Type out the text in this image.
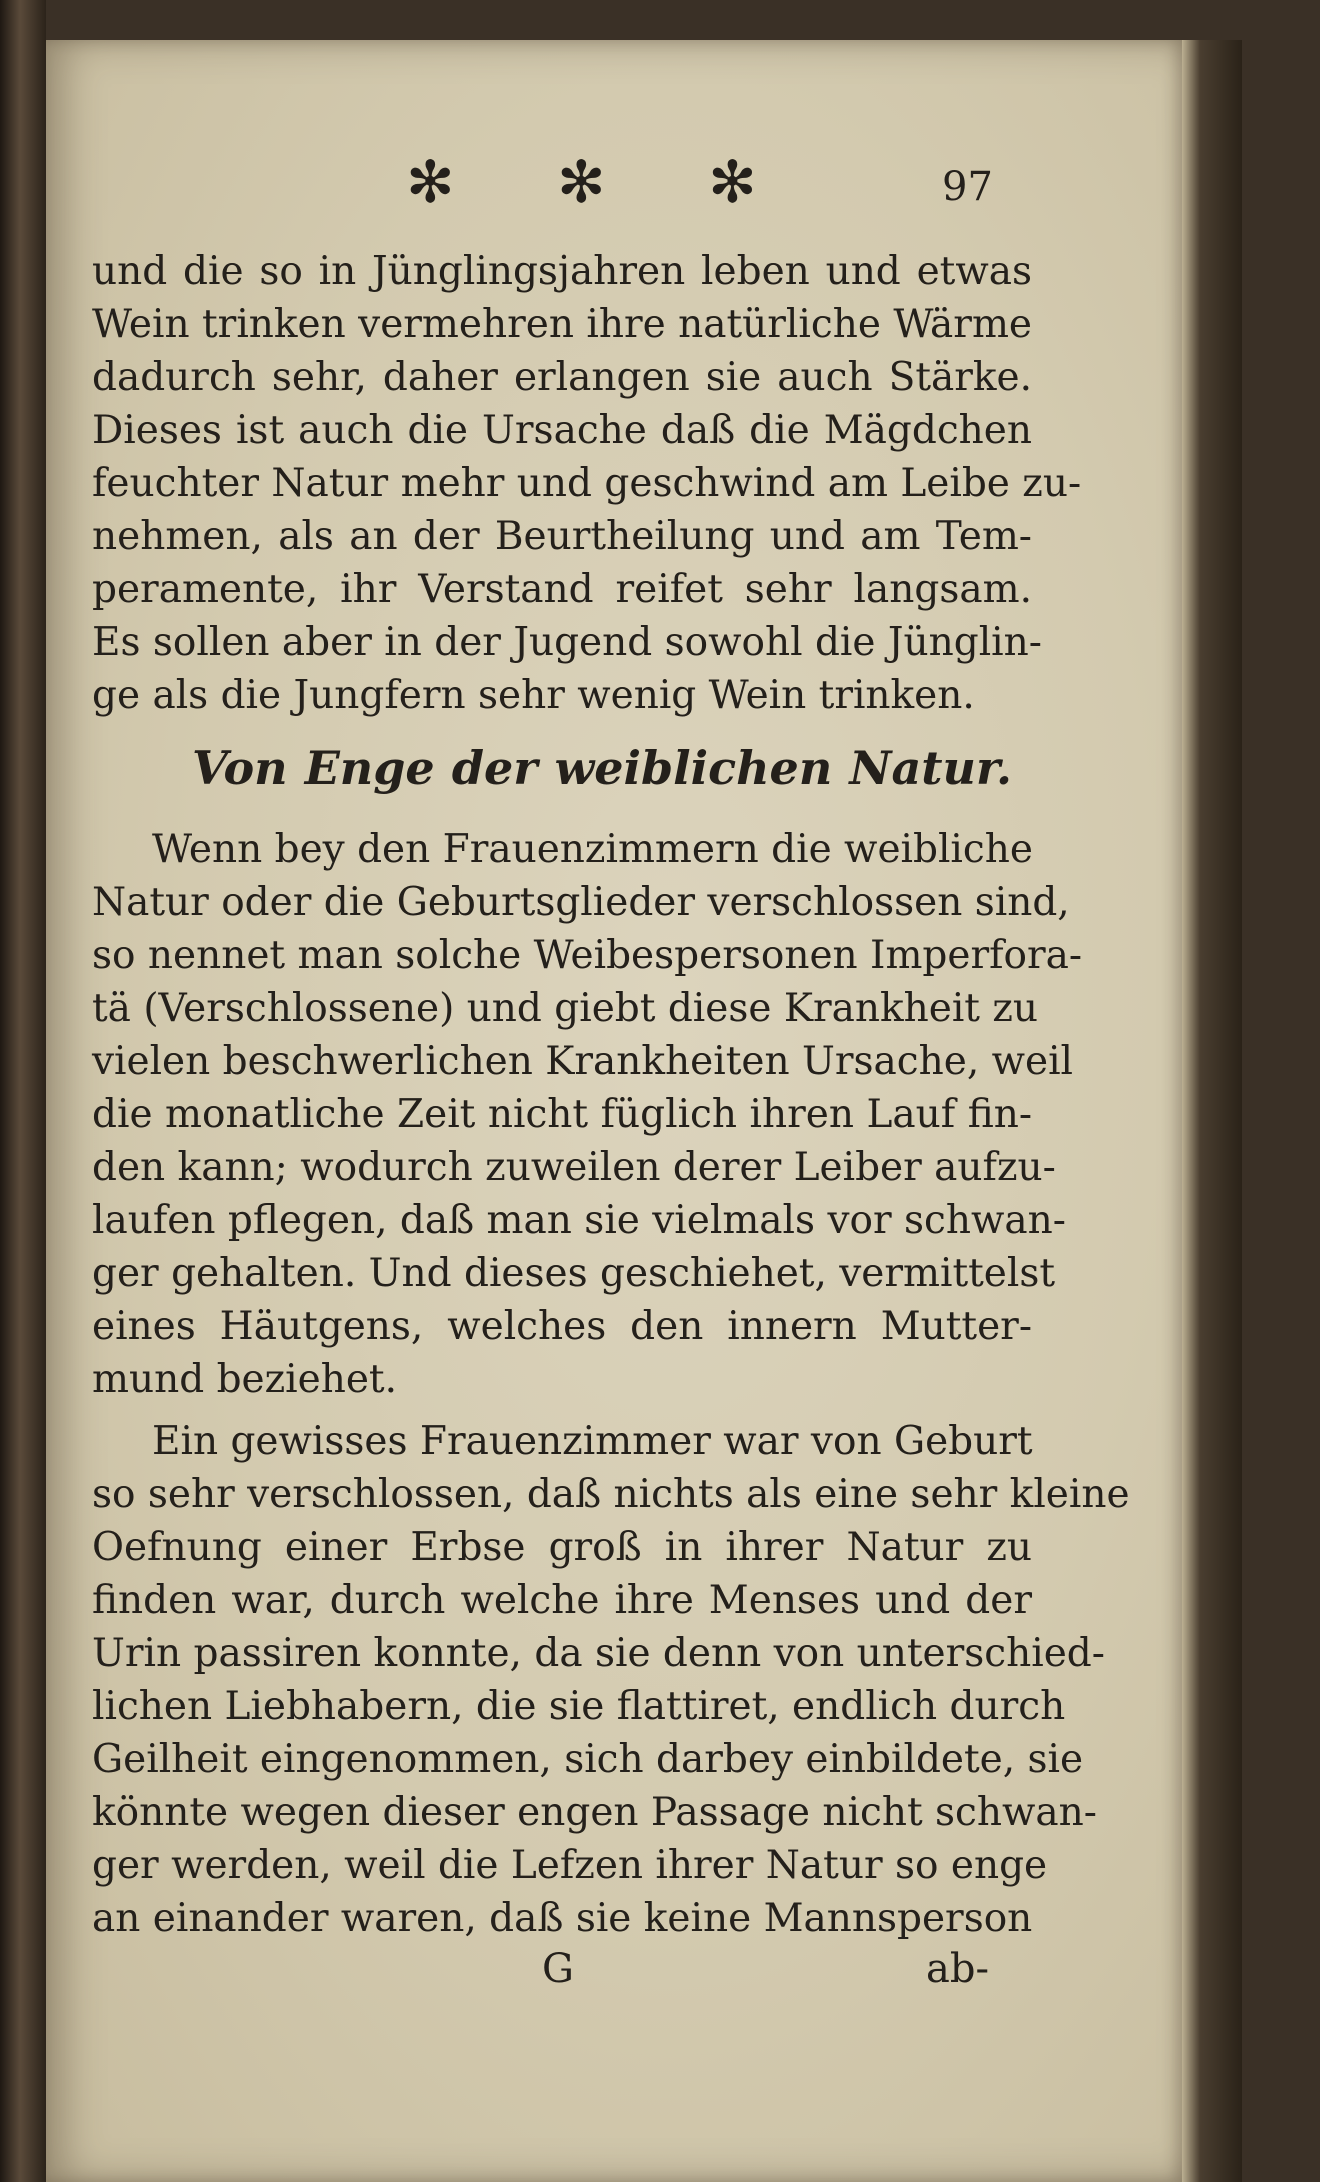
✻ ✻ ✻	97
und die so in Jünglingsjahren leben und etwas
Wein trinken vermehren ihre natürliche Wärme
dadurch sehr, daher erlangen sie auch Stärke.
Dieses ist auch die Ursache daß die Mägdchen
feuchter Natur mehr und geschwind am Leibe zu-
nehmen, als an der Beurtheilung und am Tem-
peramente, ihr Verstand reifet sehr langsam.
Es sollen aber in der Jugend sowohl die Jünglin-
ge als die Jungfern sehr wenig Wein trinken.
Von Enge der weiblichen Natur.
Wenn bey den Frauenzimmern die weibliche
Natur oder die Geburtsglieder verschlossen sind,
so nennet man solche Weibespersonen Imperfora-
tä (Verschlossene) und giebt diese Krankheit zu
vielen beschwerlichen Krankheiten Ursache, weil
die monatliche Zeit nicht füglich ihren Lauf fin-
den kann; wodurch zuweilen derer Leiber aufzu-
laufen pflegen, daß man sie vielmals vor schwan-
ger gehalten. Und dieses geschiehet, vermittelst
eines Häutgens, welches den innern Mutter-
mund beziehet.
Ein gewisses Frauenzimmer war von Geburt
so sehr verschlossen, daß nichts als eine sehr kleine
Oefnung einer Erbse groß in ihrer Natur zu
finden war, durch welche ihre Menses und der
Urin passiren konnte, da sie denn von unterschied-
lichen Liebhabern, die sie flattiret, endlich durch
Geilheit eingenommen, sich darbey einbildete, sie
könnte wegen dieser engen Passage nicht schwan-
ger werden, weil die Lefzen ihrer Natur so enge
an einander waren, daß sie keine Mannsperson
G	ab-
